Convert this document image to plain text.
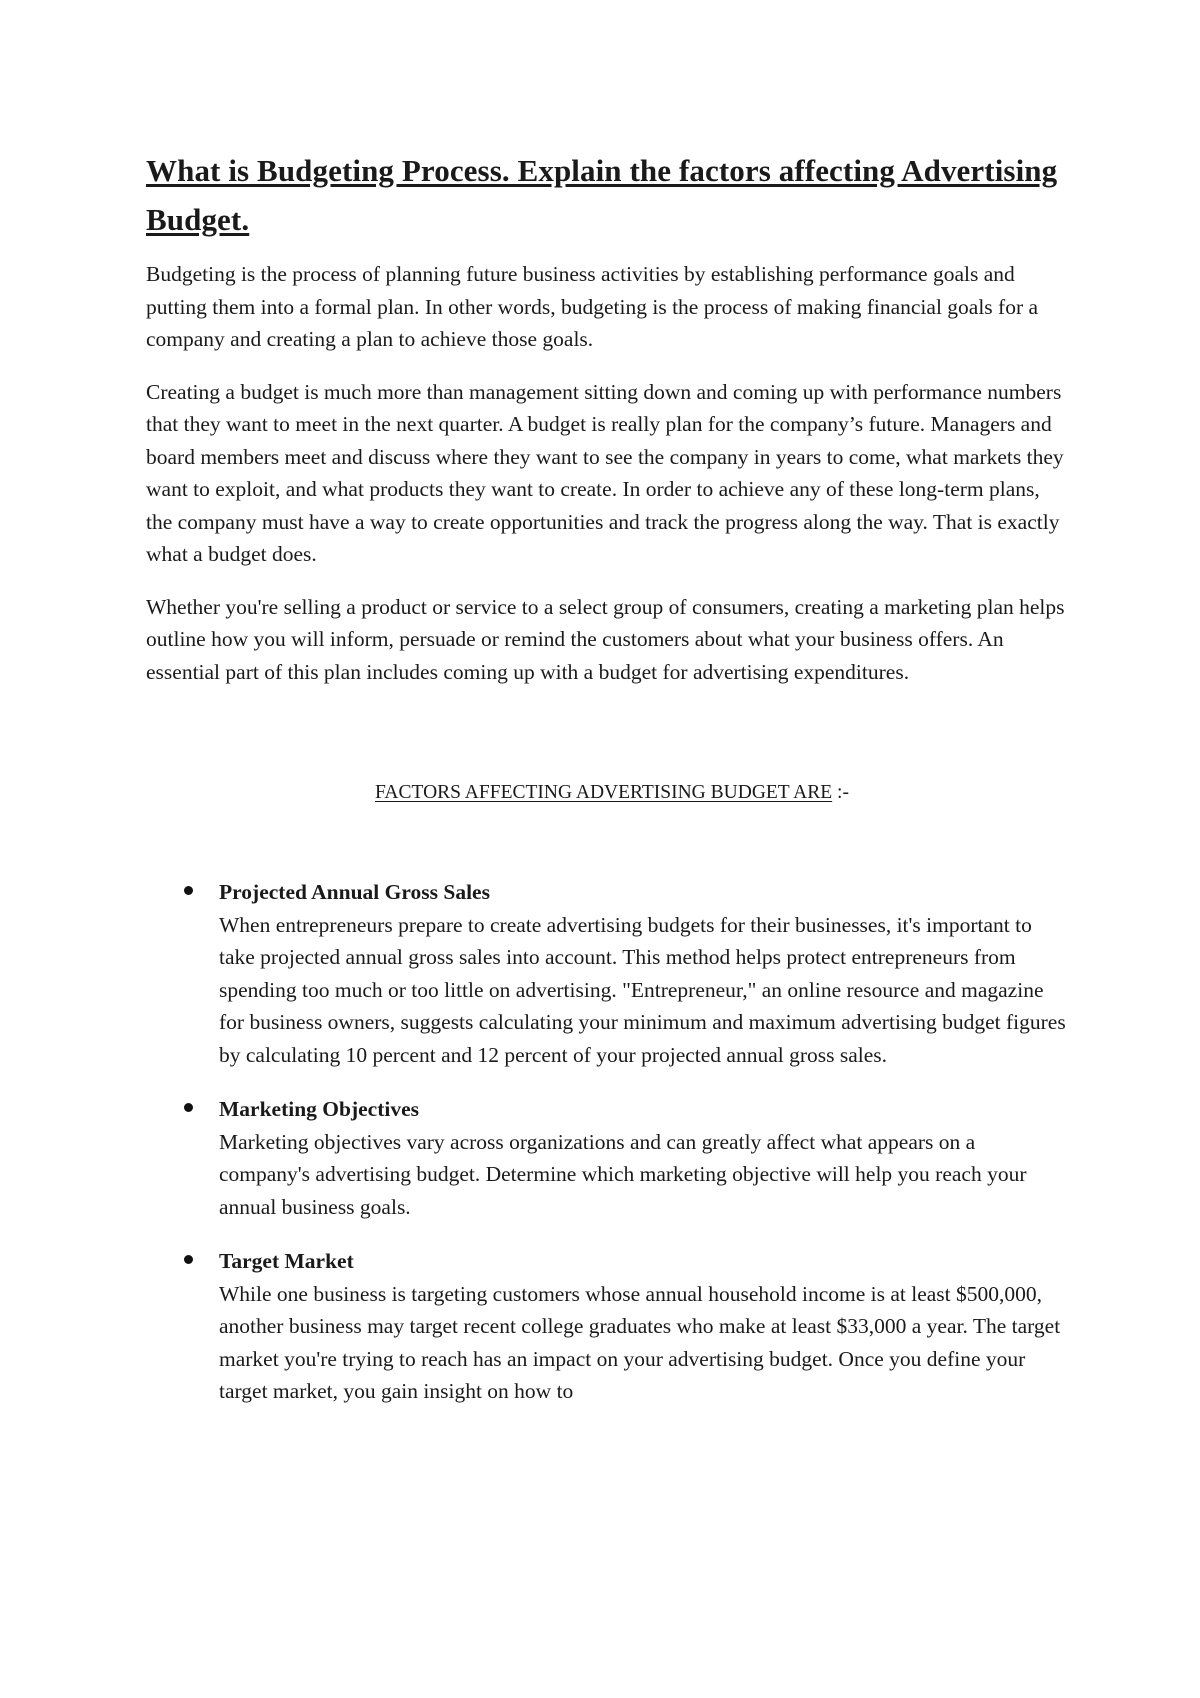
What is Budgeting Process. Explain the factors affecting Advertising Budget.

Budgeting is the process of planning future business activities by establishing performance goals and putting them into a formal plan. In other words, budgeting is the process of making financial goals for a company and creating a plan to achieve those goals.

Creating a budget is much more than management sitting down and coming up with performance numbers that they want to meet in the next quarter. A budget is really plan for the company’s future. Managers and board members meet and discuss where they want to see the company in years to come, what markets they want to exploit, and what products they want to create. In order to achieve any of these long-term plans, the company must have a way to create opportunities and track the progress along the way. That is exactly what a budget does.

Whether you're selling a product or service to a select group of consumers, creating a marketing plan helps outline how you will inform, persuade or remind the customers about what your business offers. An essential part of this plan includes coming up with a budget for advertising expenditures.

FACTORS AFFECTING ADVERTISING BUDGET ARE :-
Projected Annual Gross Sales
When entrepreneurs prepare to create advertising budgets for their businesses, it's important to take projected annual gross sales into account. This method helps protect entrepreneurs from spending too much or too little on advertising. "Entrepreneur," an online resource and magazine for business owners, suggests calculating your minimum and maximum advertising budget figures by calculating 10 percent and 12 percent of your projected annual gross sales.
Marketing Objectives
Marketing objectives vary across organizations and can greatly affect what appears on a company's advertising budget. Determine which marketing objective will help you reach your annual business goals.
Target Market
While one business is targeting customers whose annual household income is at least $500,000, another business may target recent college graduates who make at least $33,000 a year. The target market you're trying to reach has an impact on your advertising budget. Once you define your target market, you gain insight on how to
